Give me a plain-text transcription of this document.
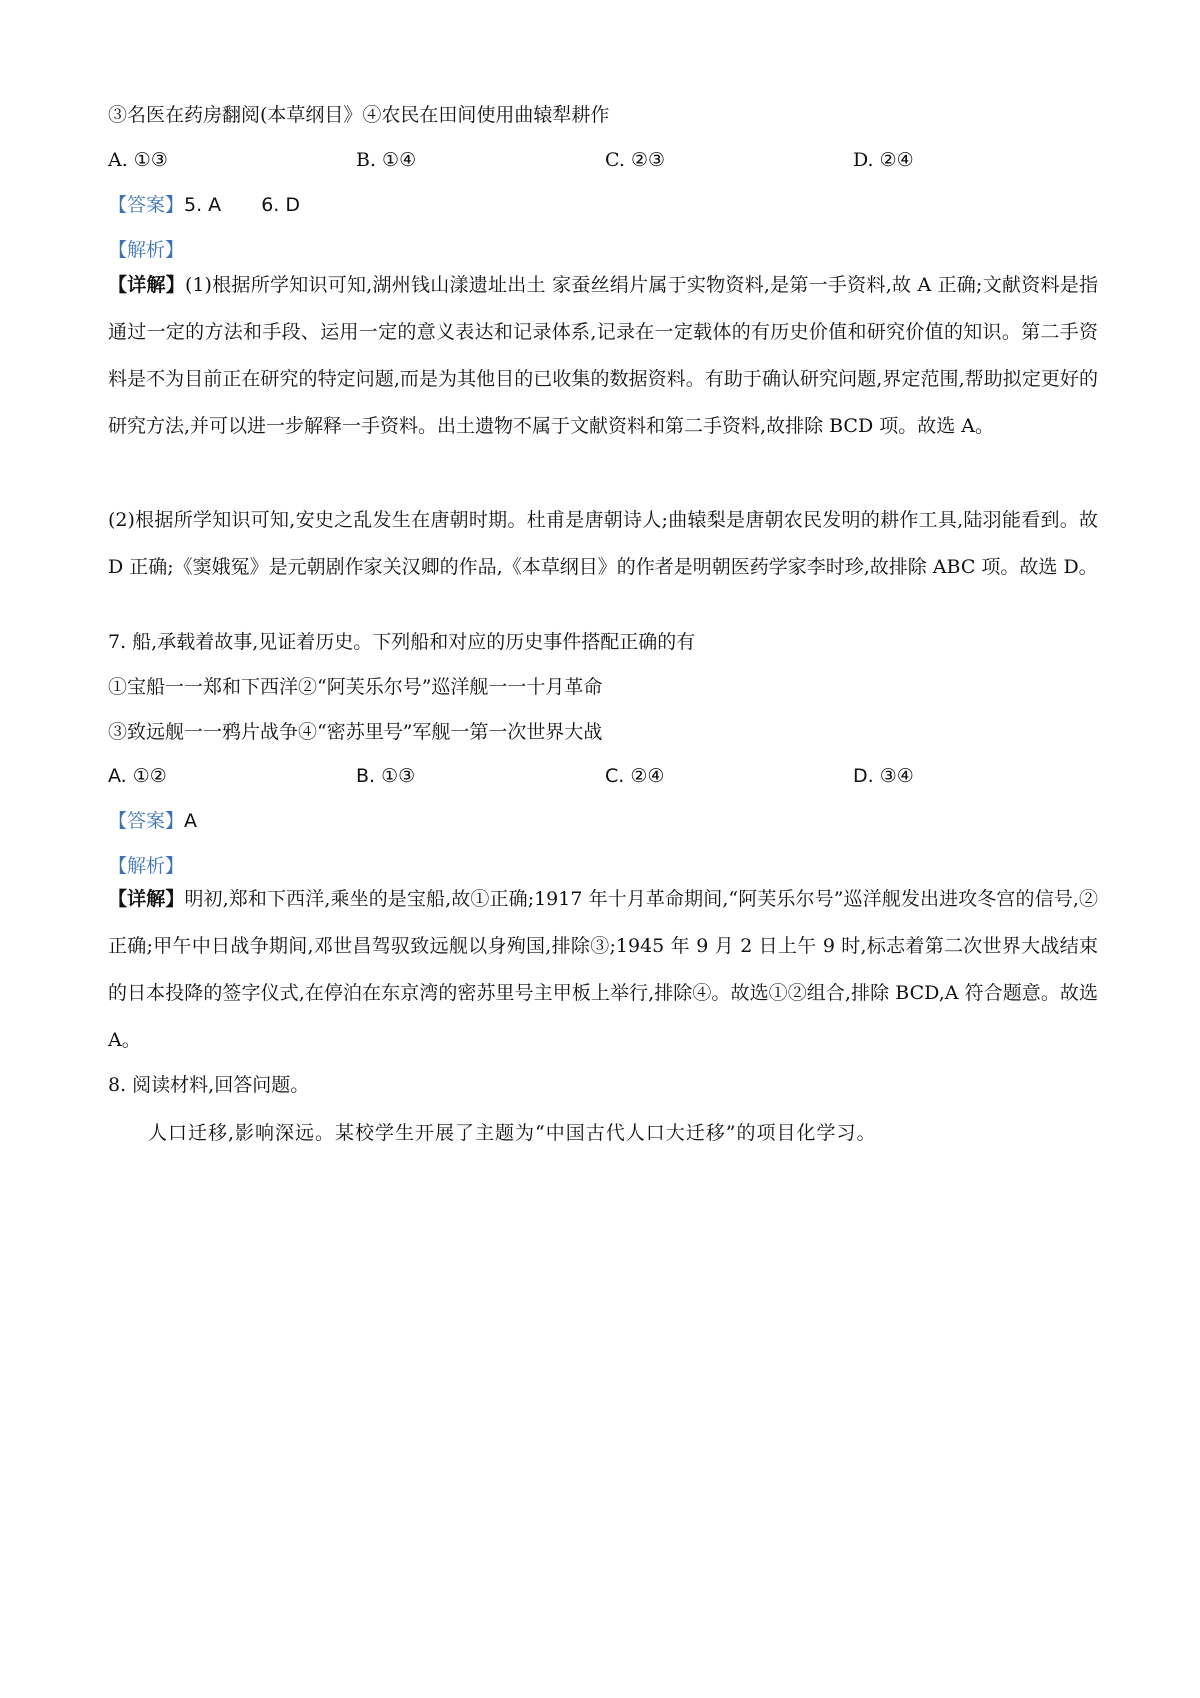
③名医在药房翻阅(本草纲目》④农民在田间使用曲辕犁耕作
A. ①③	B. ①④	C. ②③	D. ②④
【答案】5. A 6. D
【解析】
【详解】(1)根据所学知识可知,湖州钱山漾遗址出土 家蚕丝绢片属于实物资料,是第一手资料,故 A 正确;文献资料是指通过一定的方法和手段、运用一定的意义表达和记录体系,记录在一定载体的有历史价值和研究价值的知识。第二手资料是不为目前正在研究的特定问题,而是为其他目的已收集的数据资料。有助于确认研究问题,界定范围,帮助拟定更好的研究方法,并可以进一步解释一手资料。出土遗物不属于文献资料和第二手资料,故排除 BCD 项。故选 A。
(2)根据所学知识可知,安史之乱发生在唐朝时期。杜甫是唐朝诗人;曲辕梨是唐朝农民发明的耕作工具,陆羽能看到。故 D 正确;《窦娥冤》是元朝剧作家关汉卿的作品,《本草纲目》的作者是明朝医药学家李时珍,故排除 ABC 项。故选 D。
7. 船,承载着故事,见证着历史。下列船和对应的历史事件搭配正确的有
①宝船一一郑和下西洋②“阿芙乐尔号”巡洋舰一一十月革命
③致远舰一一鸦片战争④“密苏里号”军舰一第一次世界大战
A. ①②	B. ①③	C. ②④	D. ③④
【答案】A
【解析】
【详解】明初,郑和下西洋,乘坐的是宝船,故①正确;1917 年十月革命期间,“阿芙乐尔号”巡洋舰发出进攻冬宫的信号,②正确;甲午中日战争期间,邓世昌驾驭致远舰以身殉国,排除③;1945 年 9 月 2 日上午 9 时,标志着第二次世界大战结束的日本投降的签字仪式,在停泊在东京湾的密苏里号主甲板上举行,排除④。故选①②组合,排除 BCD,A 符合题意。故选 A。
8. 阅读材料,回答问题。
人口迁移,影响深远。某校学生开展了主题为“中国古代人口大迁移”的项目化学习。
